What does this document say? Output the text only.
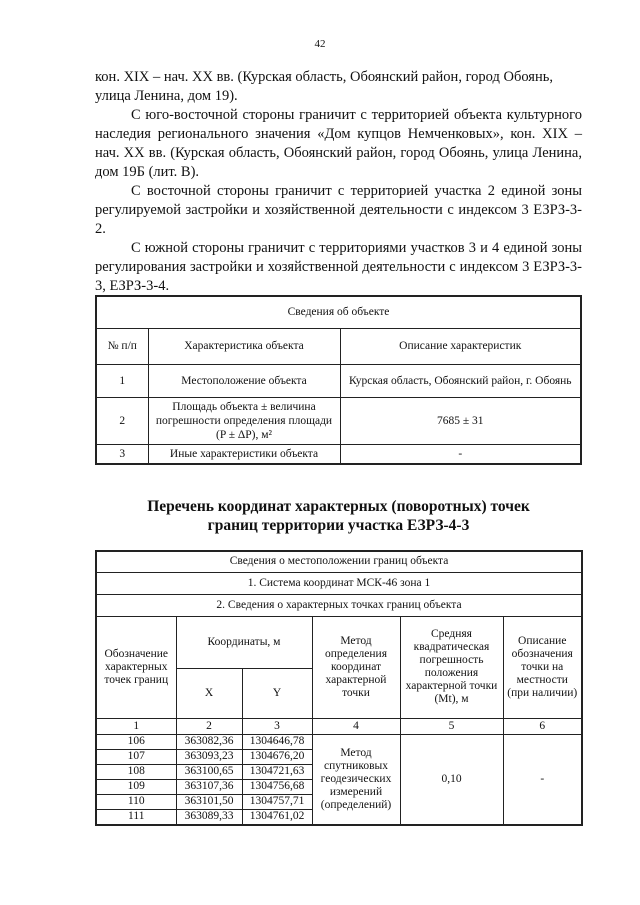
42

кон. XIX – нач. XX вв. (Курская область, Обоянский район, город Обоянь, улица Ленина, дом 19).

С юго-восточной стороны граничит с территорией объекта культурного наследия регионального значения «Дом купцов Немченковых», кон. XIX – нач. XX вв. (Курская область, Обоянский район, город Обоянь, улица Ленина, дом 19Б (лит. В).

С восточной стороны граничит с территорией участка 2 единой зоны регулируемой застройки и хозяйственной деятельности с индексом 3 ЕЗРЗ-3-2.

С южной стороны граничит с территориями участков 3 и 4 единой зоны регулирования застройки и хозяйственной деятельности с индексом 3 ЕЗРЗ-3-3, ЕЗРЗ-3-4.

Сведения об объекте		
№ п/п	Характеристика объекта	Описание характеристик
1	Местоположение объекта	Курская область, Обоянский район, г. Обоянь
2	Площадь объекта ± величина погрешности определения площади (P ± ΔP), м²	7685 ± 31
3	Иные характеристики объекта	-
Перечень координат характерных (поворотных) точек
границ территории участка ЕЗРЗ-4-3
Сведения о местоположении границ объекта					
1. Система координат МСК-46 зона 1					
2. Сведения о характерных точках границ объекта					
Обозначение характерных точек границ	Координаты, м		Метод определения координат характерной точки	Средняя квадратическая погрешность положения характерной точки (Mt), м	Описание обозначения точки на местности (при наличии)
	X	Y			
1	2	3	4	5	6
106	363082,36	1304646,78	Метод спутниковых геодезических измерений (определений)	0,10	-
107	363093,23	1304676,20			
108	363100,65	1304721,63			
109	363107,36	1304756,68			
110	363101,50	1304757,71			
111	363089,33	1304761,02			
